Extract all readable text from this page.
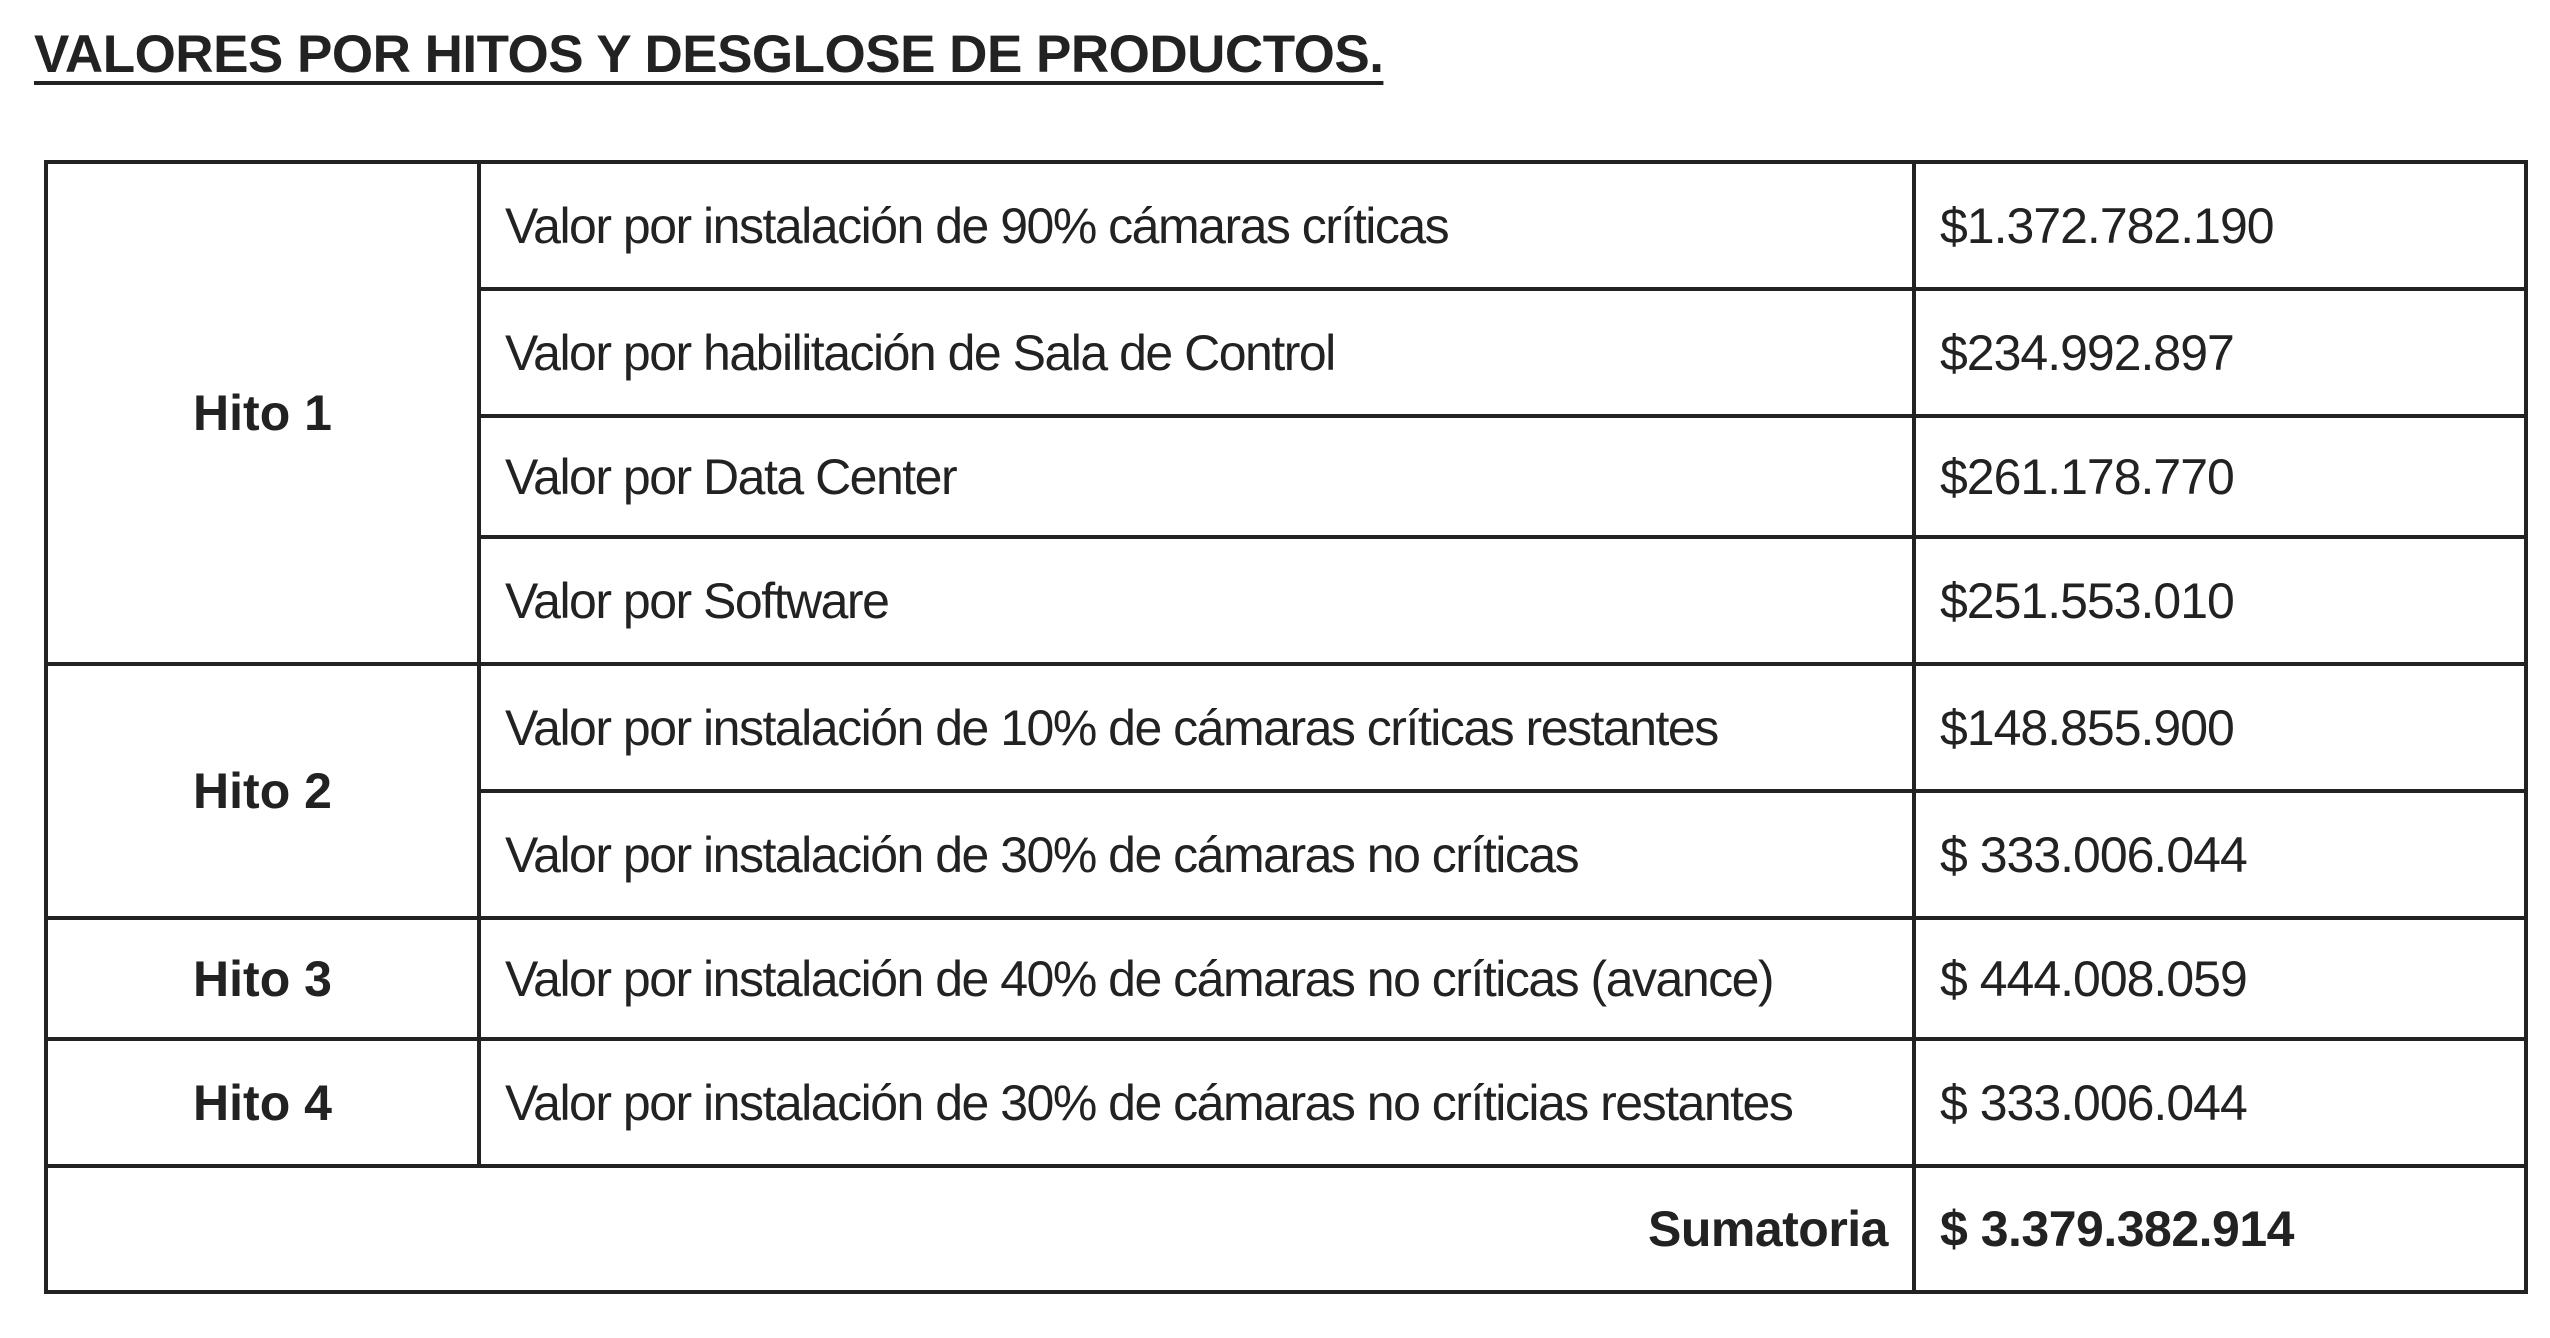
VALORES POR HITOS Y DESGLOSE DE PRODUCTOS.
Hito 1	Valor por instalación de 90% cámaras críticas	$1.372.782.190
	Valor por habilitación de Sala de Control	$234.992.897
	Valor por Data Center	$261.178.770
	Valor por Software	$251.553.010
Hito 2	Valor por instalación de 10% de cámaras críticas restantes	$148.855.900
	Valor por instalación de 30% de cámaras no críticas	$ 333.006.044
Hito 3	Valor por instalación de 40% de cámaras no críticas (avance)	$ 444.008.059
Hito 4	Valor por instalación de 30% de cámaras no críticias restantes	$ 333.006.044
Sumatoria		$ 3.379.382.914
